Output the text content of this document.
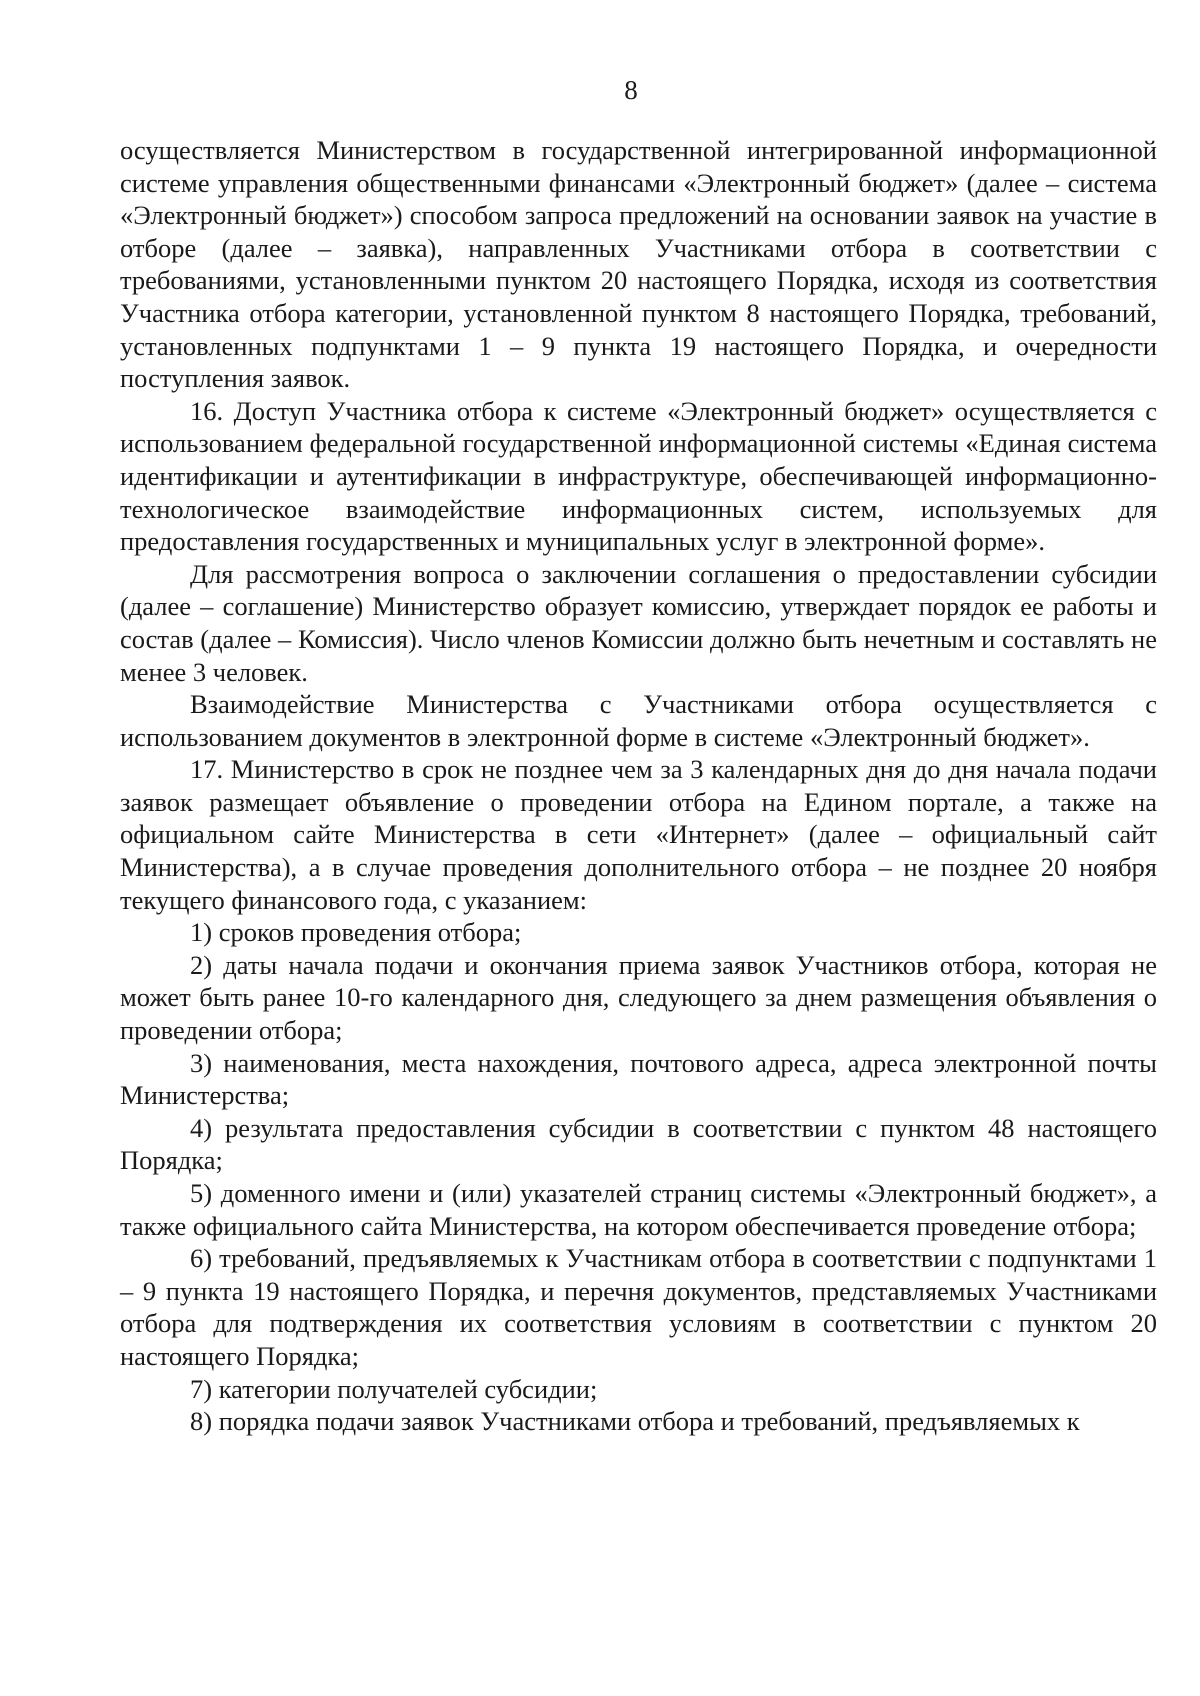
8

осуществляется Министерством в государственной интегрированной информационной системе управления общественными финансами «Электронный бюджет» (далее – система «Электронный бюджет») способом запроса предложений на основании заявок на участие в отборе (далее – заявка), направленных Участниками отбора в соответствии с требованиями, установленными пунктом 20 настоящего Порядка, исходя из соответствия Участника отбора категории, установленной пунктом 8 настоящего Порядка, требований, установленных подпунктами 1 – 9 пункта 19 настоящего Порядка, и очередности поступления заявок.

16. Доступ Участника отбора к системе «Электронный бюджет» осуществляется с использованием федеральной государственной информационной системы «Единая система идентификации и аутентификации в инфраструктуре, обеспечивающей информационно-технологическое взаимодействие информационных систем, используемых для предоставления государственных и муниципальных услуг в электронной форме».

Для рассмотрения вопроса о заключении соглашения о предоставлении субсидии (далее – соглашение) Министерство образует комиссию, утверждает порядок ее работы и состав (далее – Комиссия). Число членов Комиссии должно быть нечетным и составлять не менее 3 человек.

Взаимодействие Министерства с Участниками отбора осуществляется с использованием документов в электронной форме в системе «Электронный бюджет».

17. Министерство в срок не позднее чем за 3 календарных дня до дня начала подачи заявок размещает объявление о проведении отбора на Едином портале, а также на официальном сайте Министерства в сети «Интернет» (далее – официальный сайт Министерства), а в случае проведения дополнительного отбора – не позднее 20 ноября текущего финансового года, с указанием:

1) сроков проведения отбора;

2) даты начала подачи и окончания приема заявок Участников отбора, которая не может быть ранее 10-го календарного дня, следующего за днем размещения объявления о проведении отбора;

3) наименования, места нахождения, почтового адреса, адреса электронной почты Министерства;

4) результата предоставления субсидии в соответствии с пунктом 48 настоящего Порядка;

5) доменного имени и (или) указателей страниц системы «Электронный бюджет», а также официального сайта Министерства, на котором обеспечивается проведение отбора;

6) требований, предъявляемых к Участникам отбора в соответствии с подпунктами 1 – 9 пункта 19 настоящего Порядка, и перечня документов, представляемых Участниками отбора для подтверждения их соответствия условиям в соответствии с пунктом 20 настоящего Порядка;

7) категории получателей субсидии;

8) порядка подачи заявок Участниками отбора и требований, предъявляемых к
